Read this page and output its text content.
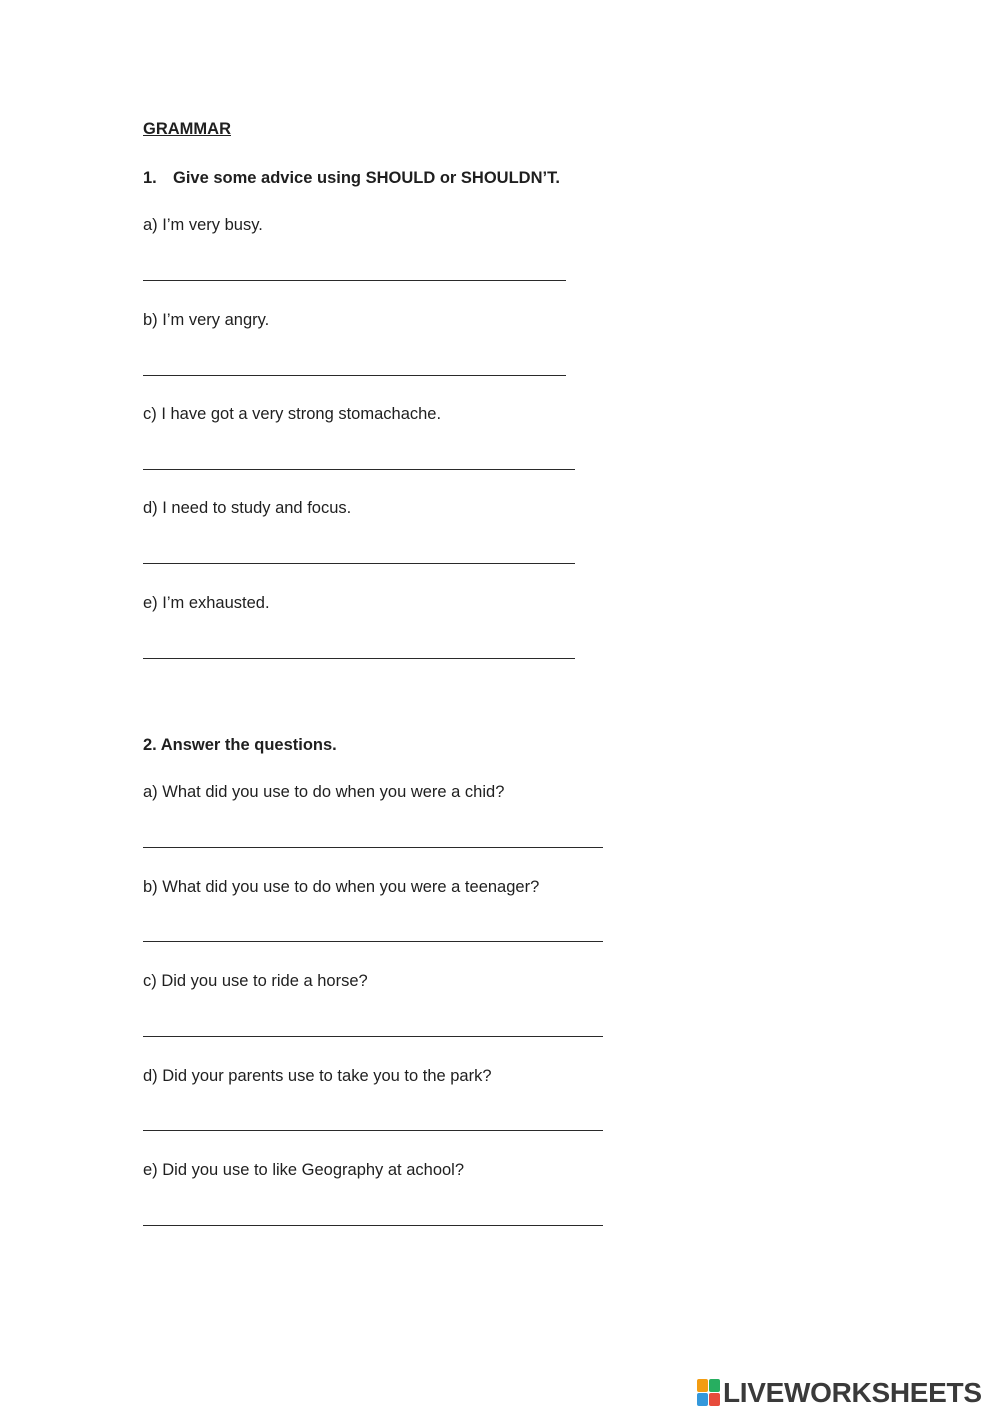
GRAMMAR
1. Give some advice using SHOULD or SHOULDN’T.
a) I’m very busy.
b) I’m very angry.
c) I have got a very strong stomachache.
d) I need to study and focus.
e) I’m exhausted.
2. Answer the questions.
a) What did you use to do when you were a chid?
b) What did you use to do when you were a teenager?
c) Did you use to ride a horse?
d) Did your parents use to take you to the park?
e) Did you use to like Geography at achool?
LIVEWORKSHEETS
